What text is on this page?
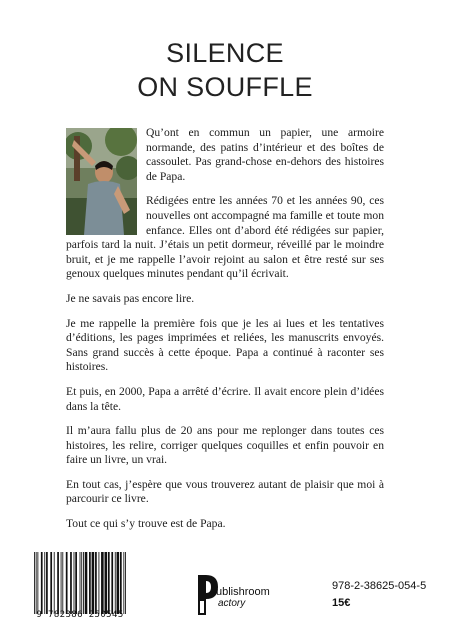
SILENCE
ON SOUFFLE

Qu’ont en commun un papier, une armoire normande, des patins d’intérieur et des boîtes de cassoulet. Pas grand-chose en-dehors des histoires de Papa.

Rédigées entre les années 70 et les années 90, ces nouvelles ont accompagné ma famille et toute mon enfance. Elles ont d’abord été rédigées sur papier, parfois tard la nuit. J’étais un petit dormeur, réveillé par le moindre bruit, et je me rappelle l’avoir rejoint au salon et être resté sur ses genoux quelques minutes pendant qu’il écrivait.

Je ne savais pas encore lire.

Je me rappelle la première fois que je les ai lues et les tentatives d’éditions, les pages imprimées et reliées, les manuscrits envoyés. Sans grand succès à cette époque. Papa a continué à raconter ses histoires.

Et puis, en 2000, Papa a arrêté d’écrire. Il avait encore plein d’idées dans la tête.

Il m’aura fallu plus de 20 ans pour me replonger dans toutes ces histoires, les relire, corriger quelques coquilles et enfin pouvoir en faire un livre, un vrai.

En tout cas, j’espère que vous trouverez autant de plaisir que moi à parcourir ce livre.

Tout ce qui s’y trouve est de Papa.

9 782386 250545
ublishroom
actory
978-2-38625-054-5
15€
